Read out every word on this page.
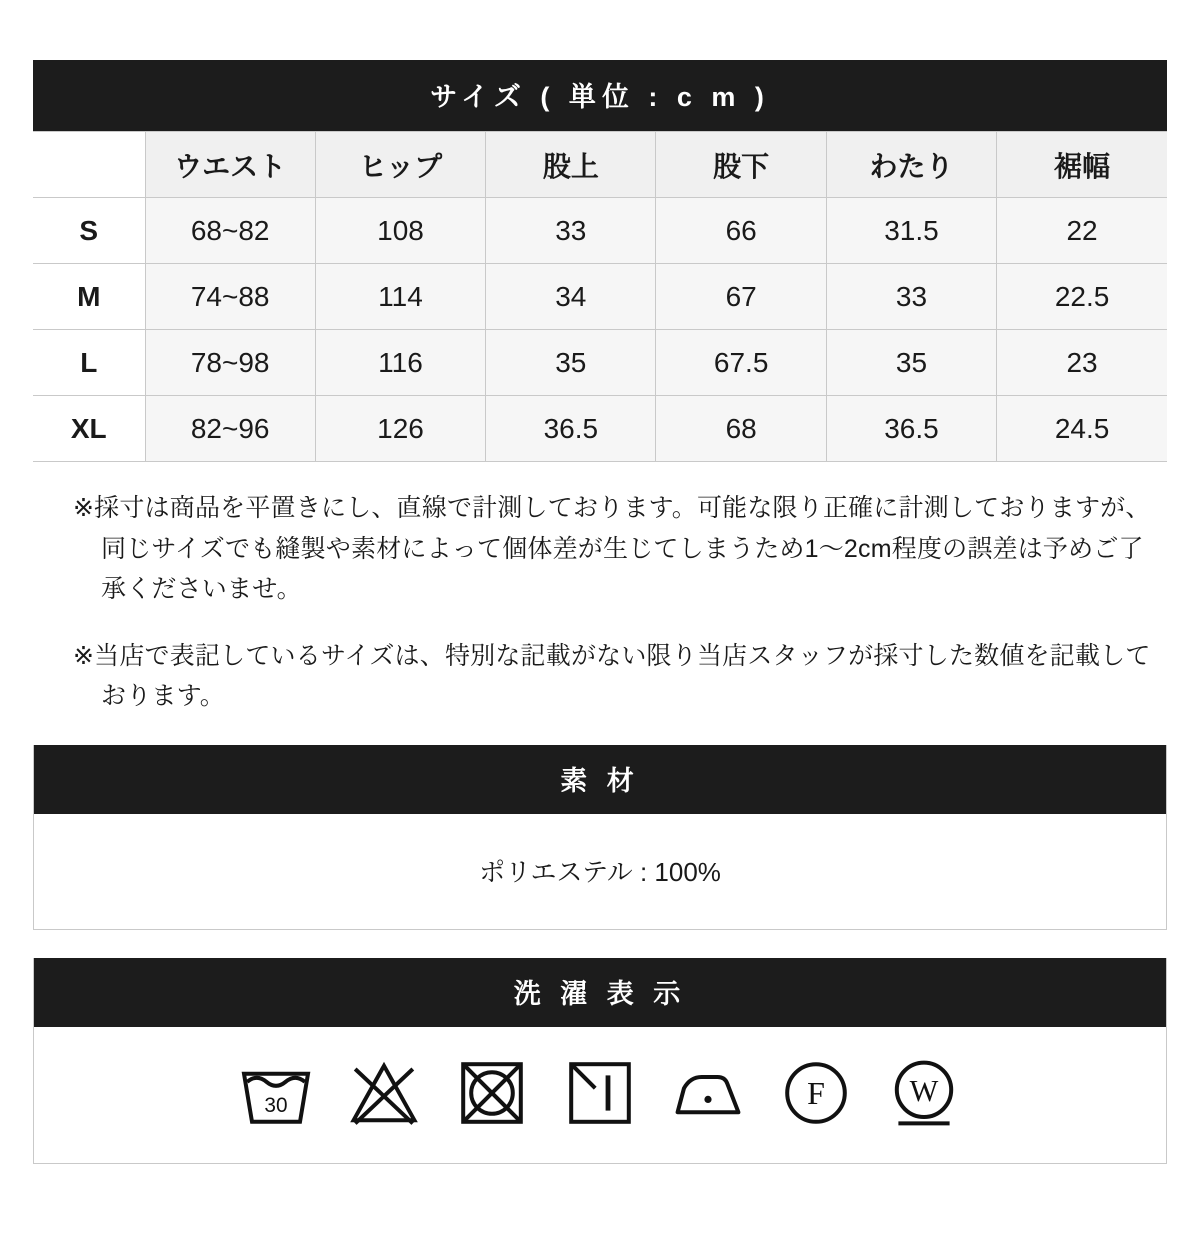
サイズ ( 単位 : c m )
	ウエスト	ヒップ	股上	股下	わたり	裾幅
S	68~82	108	33	66	31.5	22
M	74~88	114	34	67	33	22.5
L	78~98	116	35	67.5	35	23
XL	82~96	126	36.5	68	36.5	24.5

※採寸は商品を平置きにし、直線で計測しております。可能な限り正確に計測しておりますが、同じサイズでも縫製や素材によって個体差が生じてしまうため1〜2cm程度の誤差は予めご了承くださいませ。

※当店で表記しているサイズは、特別な記載がない限り当店スタッフが採寸した数値を記載しております。

素 材
ポリエステル : 100%
洗 濯 表 示
30	F W
